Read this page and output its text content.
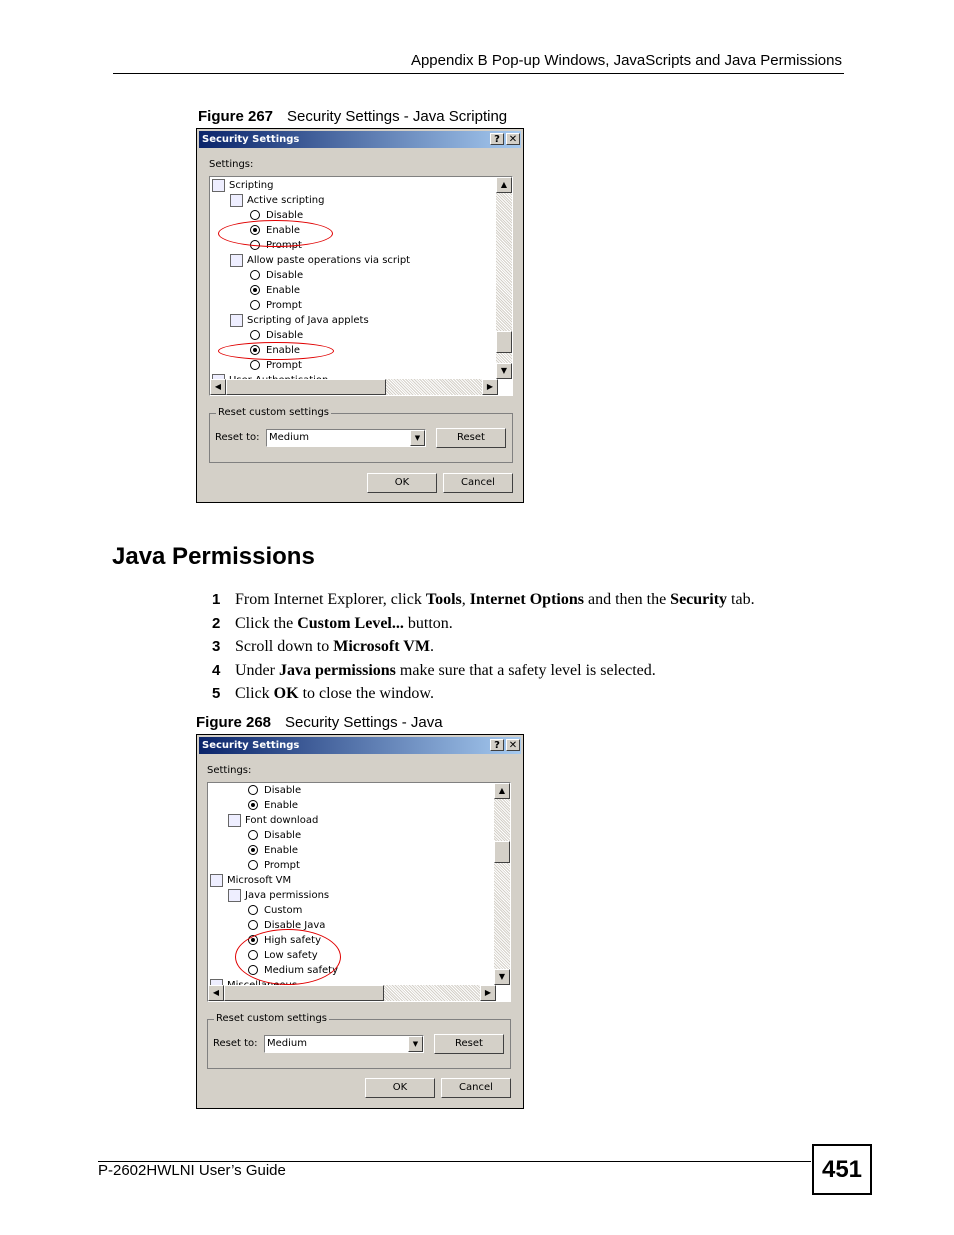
Appendix B Pop-up Windows, JavaScripts and Java Permissions
Figure 267 Security Settings - Java Scripting
Security Settings	? ✕
Settings:
Scripting
Active scripting
Disable
Enable
Prompt
Allow paste operations via script
Disable
Enable
Prompt
Scripting of Java applets
Disable
Enable
Prompt
▲
▼
◀	▶
Reset custom settings
Reset to: Medium	▼	Reset
OK	Cancel
Java Permissions
1 From Internet Explorer, click Tools, Internet Options and then the Security tab.
2 Click the Custom Level... button.
3 Scroll down to Microsoft VM.
4 Under Java permissions make sure that a safety level is selected.
5 Click OK to close the window.
Figure 268 Security Settings - Java
Security Settings	? ✕
Settings:
Disable
Enable
Font download
Disable
Enable
Prompt
Microsoft VM
Java permissions
Custom
Disable Java
High safety
Low safety
Medium safety
▲
▼
◀	▶
Reset custom settings
Reset to: Medium	▼	Reset
OK	Cancel
P-2602HWLNI User’s Guide	451
